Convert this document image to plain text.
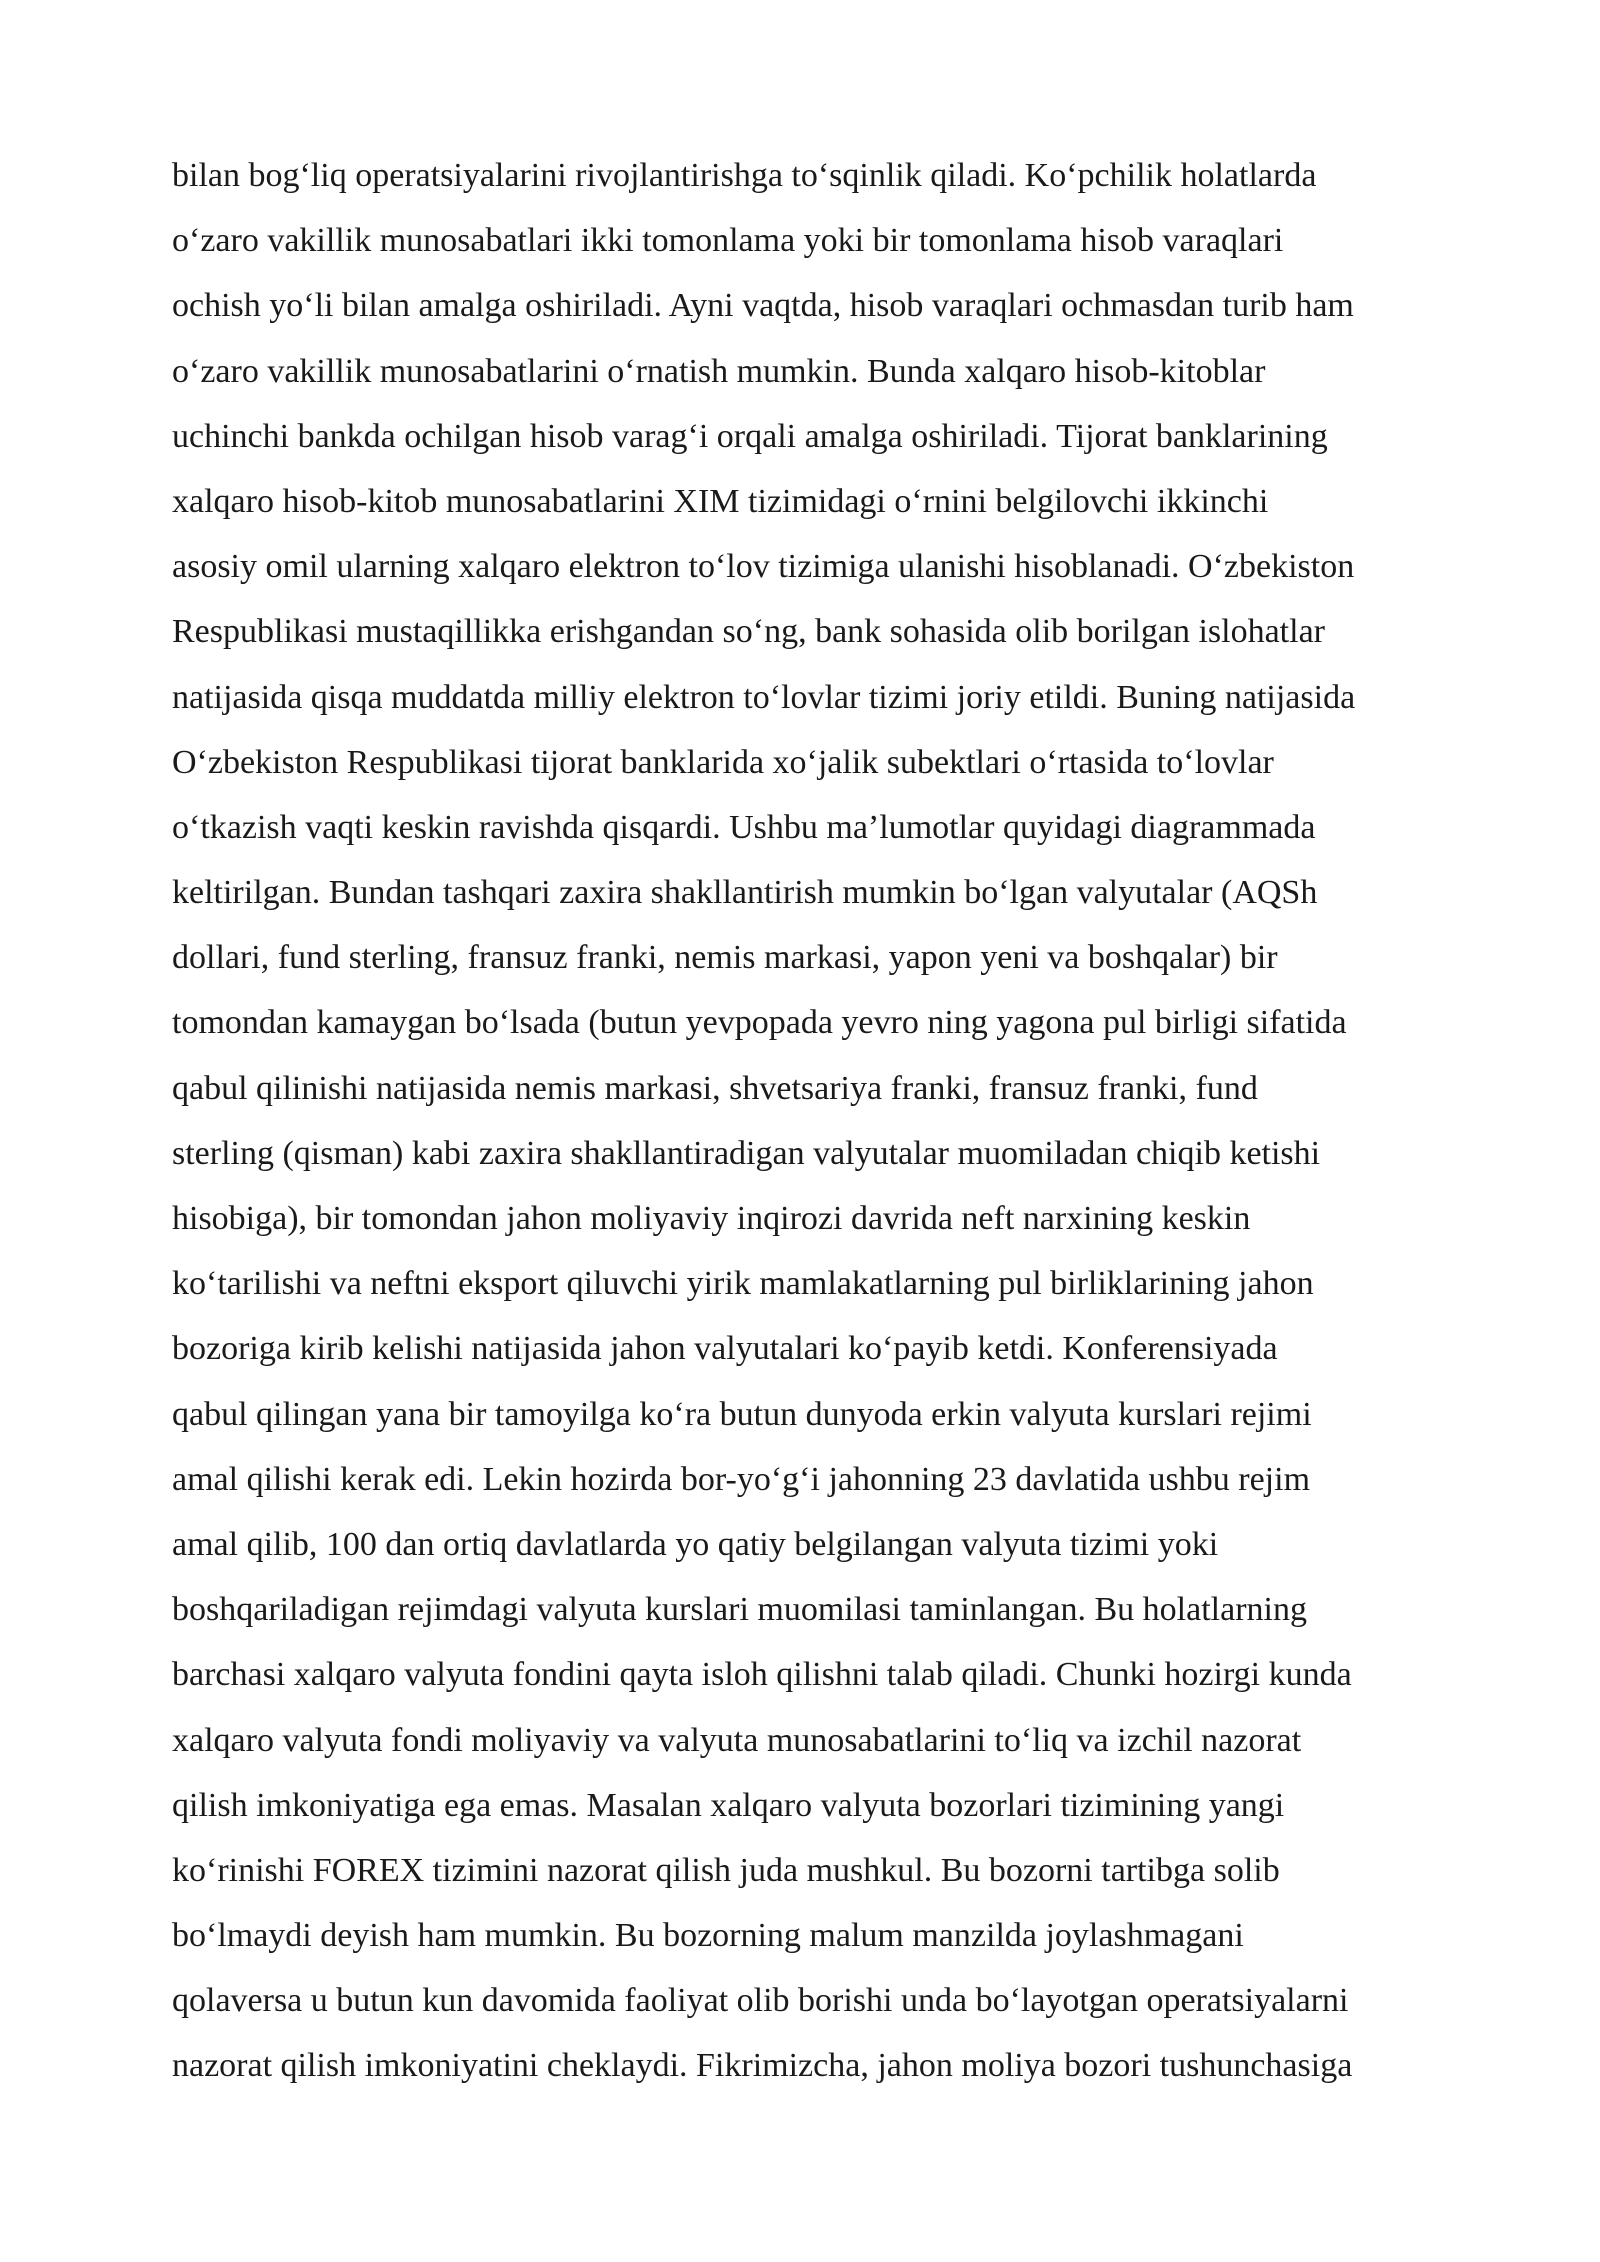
bilan bog‘liq operatsiyalarini rivojlantirishga to‘sqinlik qiladi. Ko‘pchilik holatlarda
o‘zaro vakillik munosabatlari ikki tomonlama yoki bir tomonlama hisob varaqlari
ochish yo‘li bilan amalga oshiriladi. Ayni vaqtda, hisob varaqlari ochmasdan turib ham
o‘zaro vakillik munosabatlarini o‘rnatish mumkin. Bunda xalqaro hisob-kitoblar
uchinchi bankda ochilgan hisob varag‘i orqali amalga oshiriladi. Tijorat banklarining
xalqaro hisob-kitob munosabatlarini XIM tizimidagi o‘rnini belgilovchi ikkinchi
asosiy omil ularning xalqaro elektron to‘lov tizimiga ulanishi hisoblanadi. O‘zbekiston
Respublikasi mustaqillikka erishgandan so‘ng, bank sohasida olib borilgan islohatlar
natijasida qisqa muddatda milliy elektron to‘lovlar tizimi joriy etildi. Buning natijasida
O‘zbekiston Respublikasi tijorat banklarida xo‘jalik subektlari o‘rtasida to‘lovlar
o‘tkazish vaqti keskin ravishda qisqardi. Ushbu ma’lumotlar quyidagi diagrammada
keltirilgan. Bundan tashqari zaxira shakllantirish mumkin bo‘lgan valyutalar (AQSh
dollari, fund sterling, fransuz franki, nemis markasi, yapon yeni va boshqalar) bir
tomondan kamaygan bo‘lsada (butun yevpopada yevro ning yagona pul birligi sifatida
qabul qilinishi natijasida nemis markasi, shvetsariya franki, fransuz franki, fund
sterling (qisman) kabi zaxira shakllantiradigan valyutalar muomiladan chiqib ketishi
hisobiga), bir tomondan jahon moliyaviy inqirozi davrida neft narxining keskin
ko‘tarilishi va neftni eksport qiluvchi yirik mamlakatlarning pul birliklarining jahon
bozoriga kirib kelishi natijasida jahon valyutalari ko‘payib ketdi. Konferensiyada
qabul qilingan yana bir tamoyilga ko‘ra butun dunyoda erkin valyuta kurslari rejimi
amal qilishi kerak edi. Lekin hozirda bor-yo‘g‘i jahonning 23 davlatida ushbu rejim
amal qilib, 100 dan ortiq davlatlarda yo qatiy belgilangan valyuta tizimi yoki
boshqariladigan rejimdagi valyuta kurslari muomilasi taminlangan. Bu holatlarning
barchasi xalqaro valyuta fondini qayta isloh qilishni talab qiladi. Chunki hozirgi kunda
xalqaro valyuta fondi moliyaviy va valyuta munosabatlarini to‘liq va izchil nazorat
qilish imkoniyatiga ega emas. Masalan xalqaro valyuta bozorlari tizimining yangi
ko‘rinishi FOREX tizimini nazorat qilish juda mushkul. Bu bozorni tartibga solib
bo‘lmaydi deyish ham mumkin. Bu bozorning malum manzilda joylashmagani
qolaversa u butun kun davomida faoliyat olib borishi unda bo‘layotgan operatsiyalarni
nazorat qilish imkoniyatini cheklaydi. Fikrimizcha, jahon moliya bozori tushunchasiga
